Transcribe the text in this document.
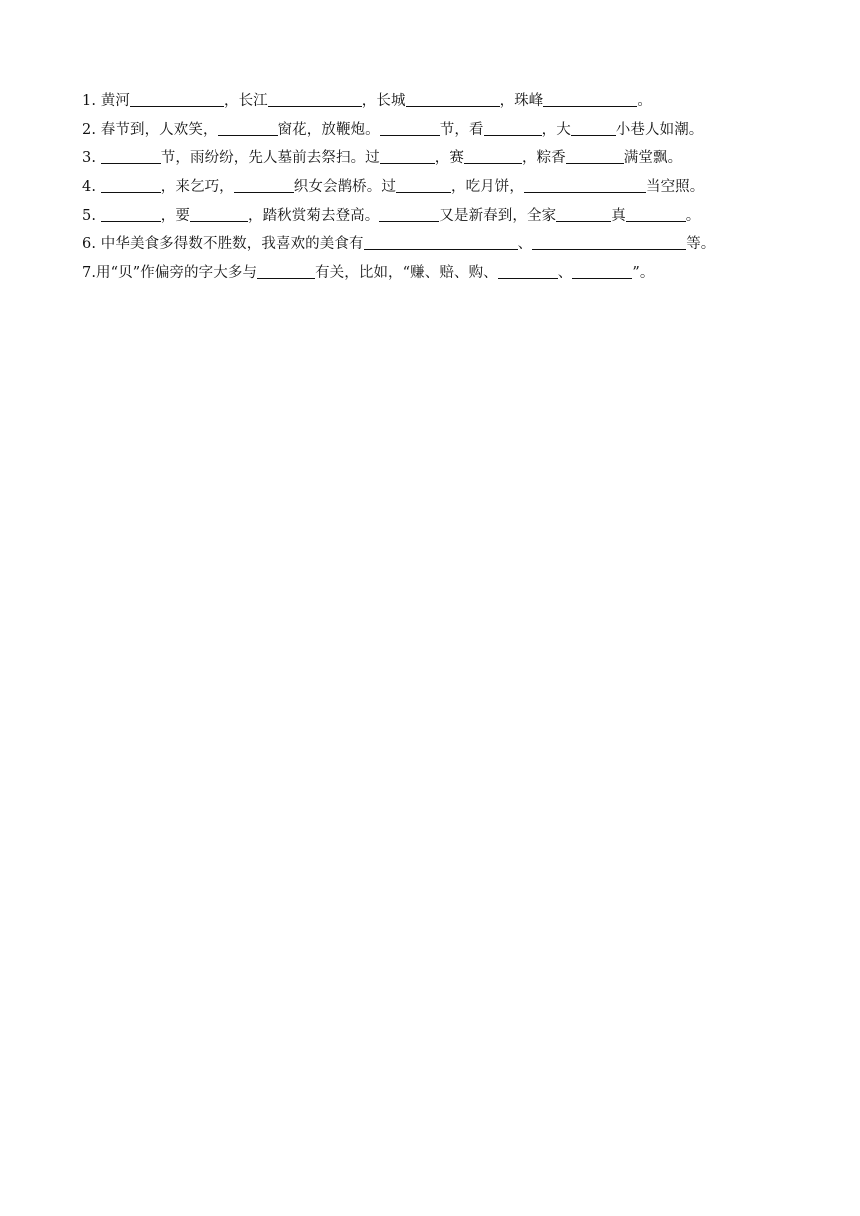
1. 黄河	，长江	，长城	，珠峰	。
2. 春节到，人欢笑，	窗花，放鞭炮。	节，看	，大	小巷人如潮。
3.	节，雨纷纷，先人墓前去祭扫。过	，赛	，粽香	满堂飘。
4.	，来乞巧，	织女会鹊桥。过	，吃月饼，	当空照。
5.	，要	，踏秋赏菊去登高。	又是新春到，全家	真	。
6. 中华美食多得数不胜数，我喜欢的美食有	、	等。
7.用“贝”作偏旁的字大多与	有关，比如，“赚、赔、购、	、	”。
